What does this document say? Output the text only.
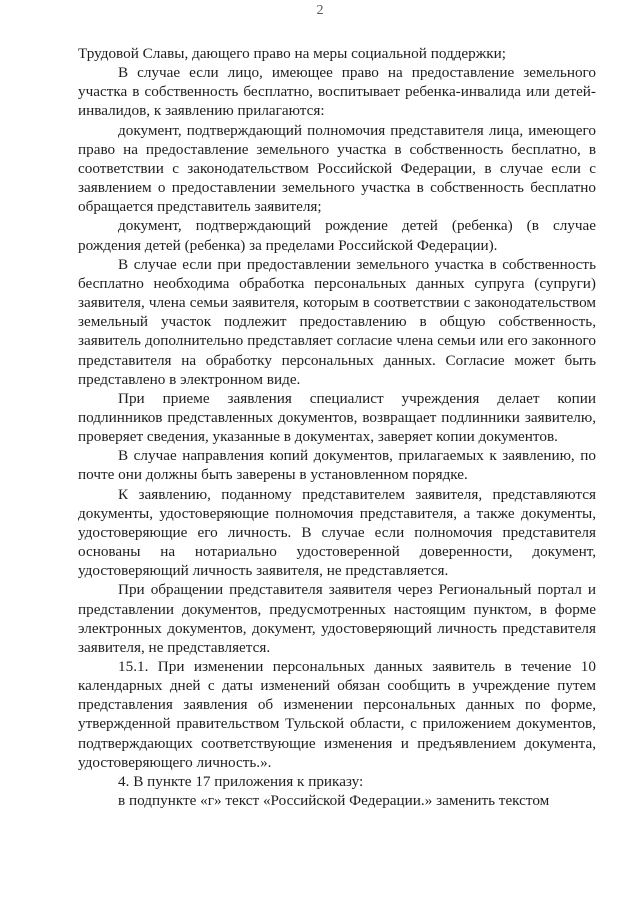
2

Трудовой Славы, дающего право на меры социальной поддержки;

В случае если лицо, имеющее право на предоставление земельного участка в собственность бесплатно, воспитывает ребенка-инвалида или детей-инвалидов, к заявлению прилагаются:

документ, подтверждающий полномочия представителя лица, имеющего право на предоставление земельного участка в собственность бесплатно, в соответствии с законодательством Российской Федерации, в случае если с заявлением о предоставлении земельного участка в собственность бесплатно обращается представитель заявителя;

документ, подтверждающий рождение детей (ребенка) (в случае рождения детей (ребенка) за пределами Российской Федерации).

В случае если при предоставлении земельного участка в собственность бесплатно необходима обработка персональных данных супруга (супруги) заявителя, члена семьи заявителя, которым в соответствии с законодательством земельный участок подлежит предоставлению в общую собственность, заявитель дополнительно представляет согласие члена семьи или его законного представителя на обработку персональных данных. Согласие может быть представлено в электронном виде.

При приеме заявления специалист учреждения делает копии подлинников представленных документов, возвращает подлинники заявителю, проверяет сведения, указанные в документах, заверяет копии документов.

В случае направления копий документов, прилагаемых к заявлению, по почте они должны быть заверены в установленном порядке.

К заявлению, поданному представителем заявителя, представляются документы, удостоверяющие полномочия представителя, а также документы, удостоверяющие его личность. В случае если полномочия представителя основаны на нотариально удостоверенной доверенности, документ, удостоверяющий личность заявителя, не представляется.

При обращении представителя заявителя через Региональный портал и представлении документов, предусмотренных настоящим пунктом, в форме электронных документов, документ, удостоверяющий личность представителя заявителя, не представляется.

15.1. При изменении персональных данных заявитель в течение 10 календарных дней с даты изменений обязан сообщить в учреждение путем представления заявления об изменении персональных данных по форме, утвержденной правительством Тульской области, с приложением документов, подтверждающих соответствующие изменения и предъявлением документа, удостоверяющего личность.».

4. В пункте 17 приложения к приказу:

в подпункте «г» текст «Российской Федерации.» заменить текстом
